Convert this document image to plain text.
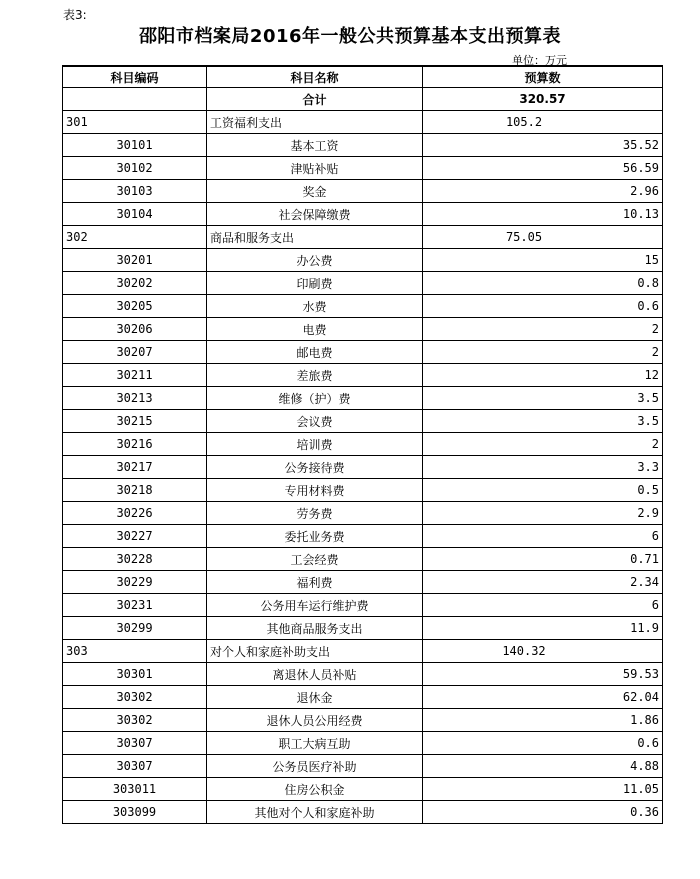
表3:
邵阳市档案局2016年一般公共预算基本支出预算表
单位：万元
科目编码	科目名称	预算数
	合计	320.57
301	工资福利支出	105.2
30101	基本工资	35.52
30102	津贴补贴	56.59
30103	奖金	2.96
30104	社会保障缴费	10.13
302	商品和服务支出	75.05
30201	办公费	15
30202	印刷费	0.8
30205	水费	0.6
30206	电费	2
30207	邮电费	2
30211	差旅费	12
30213	维修（护）费	3.5
30215	会议费	3.5
30216	培训费	2
30217	公务接待费	3.3
30218	专用材料费	0.5
30226	劳务费	2.9
30227	委托业务费	6
30228	工会经费	0.71
30229	福利费	2.34
30231	公务用车运行维护费	6
30299	其他商品服务支出	11.9
303	对个人和家庭补助支出	140.32
30301	离退休人员补贴	59.53
30302	退休金	62.04
30302	退休人员公用经费	1.86
30307	职工大病互助	0.6
30307	公务员医疗补助	4.88
303011	住房公积金	11.05
303099	其他对个人和家庭补助	0.36
